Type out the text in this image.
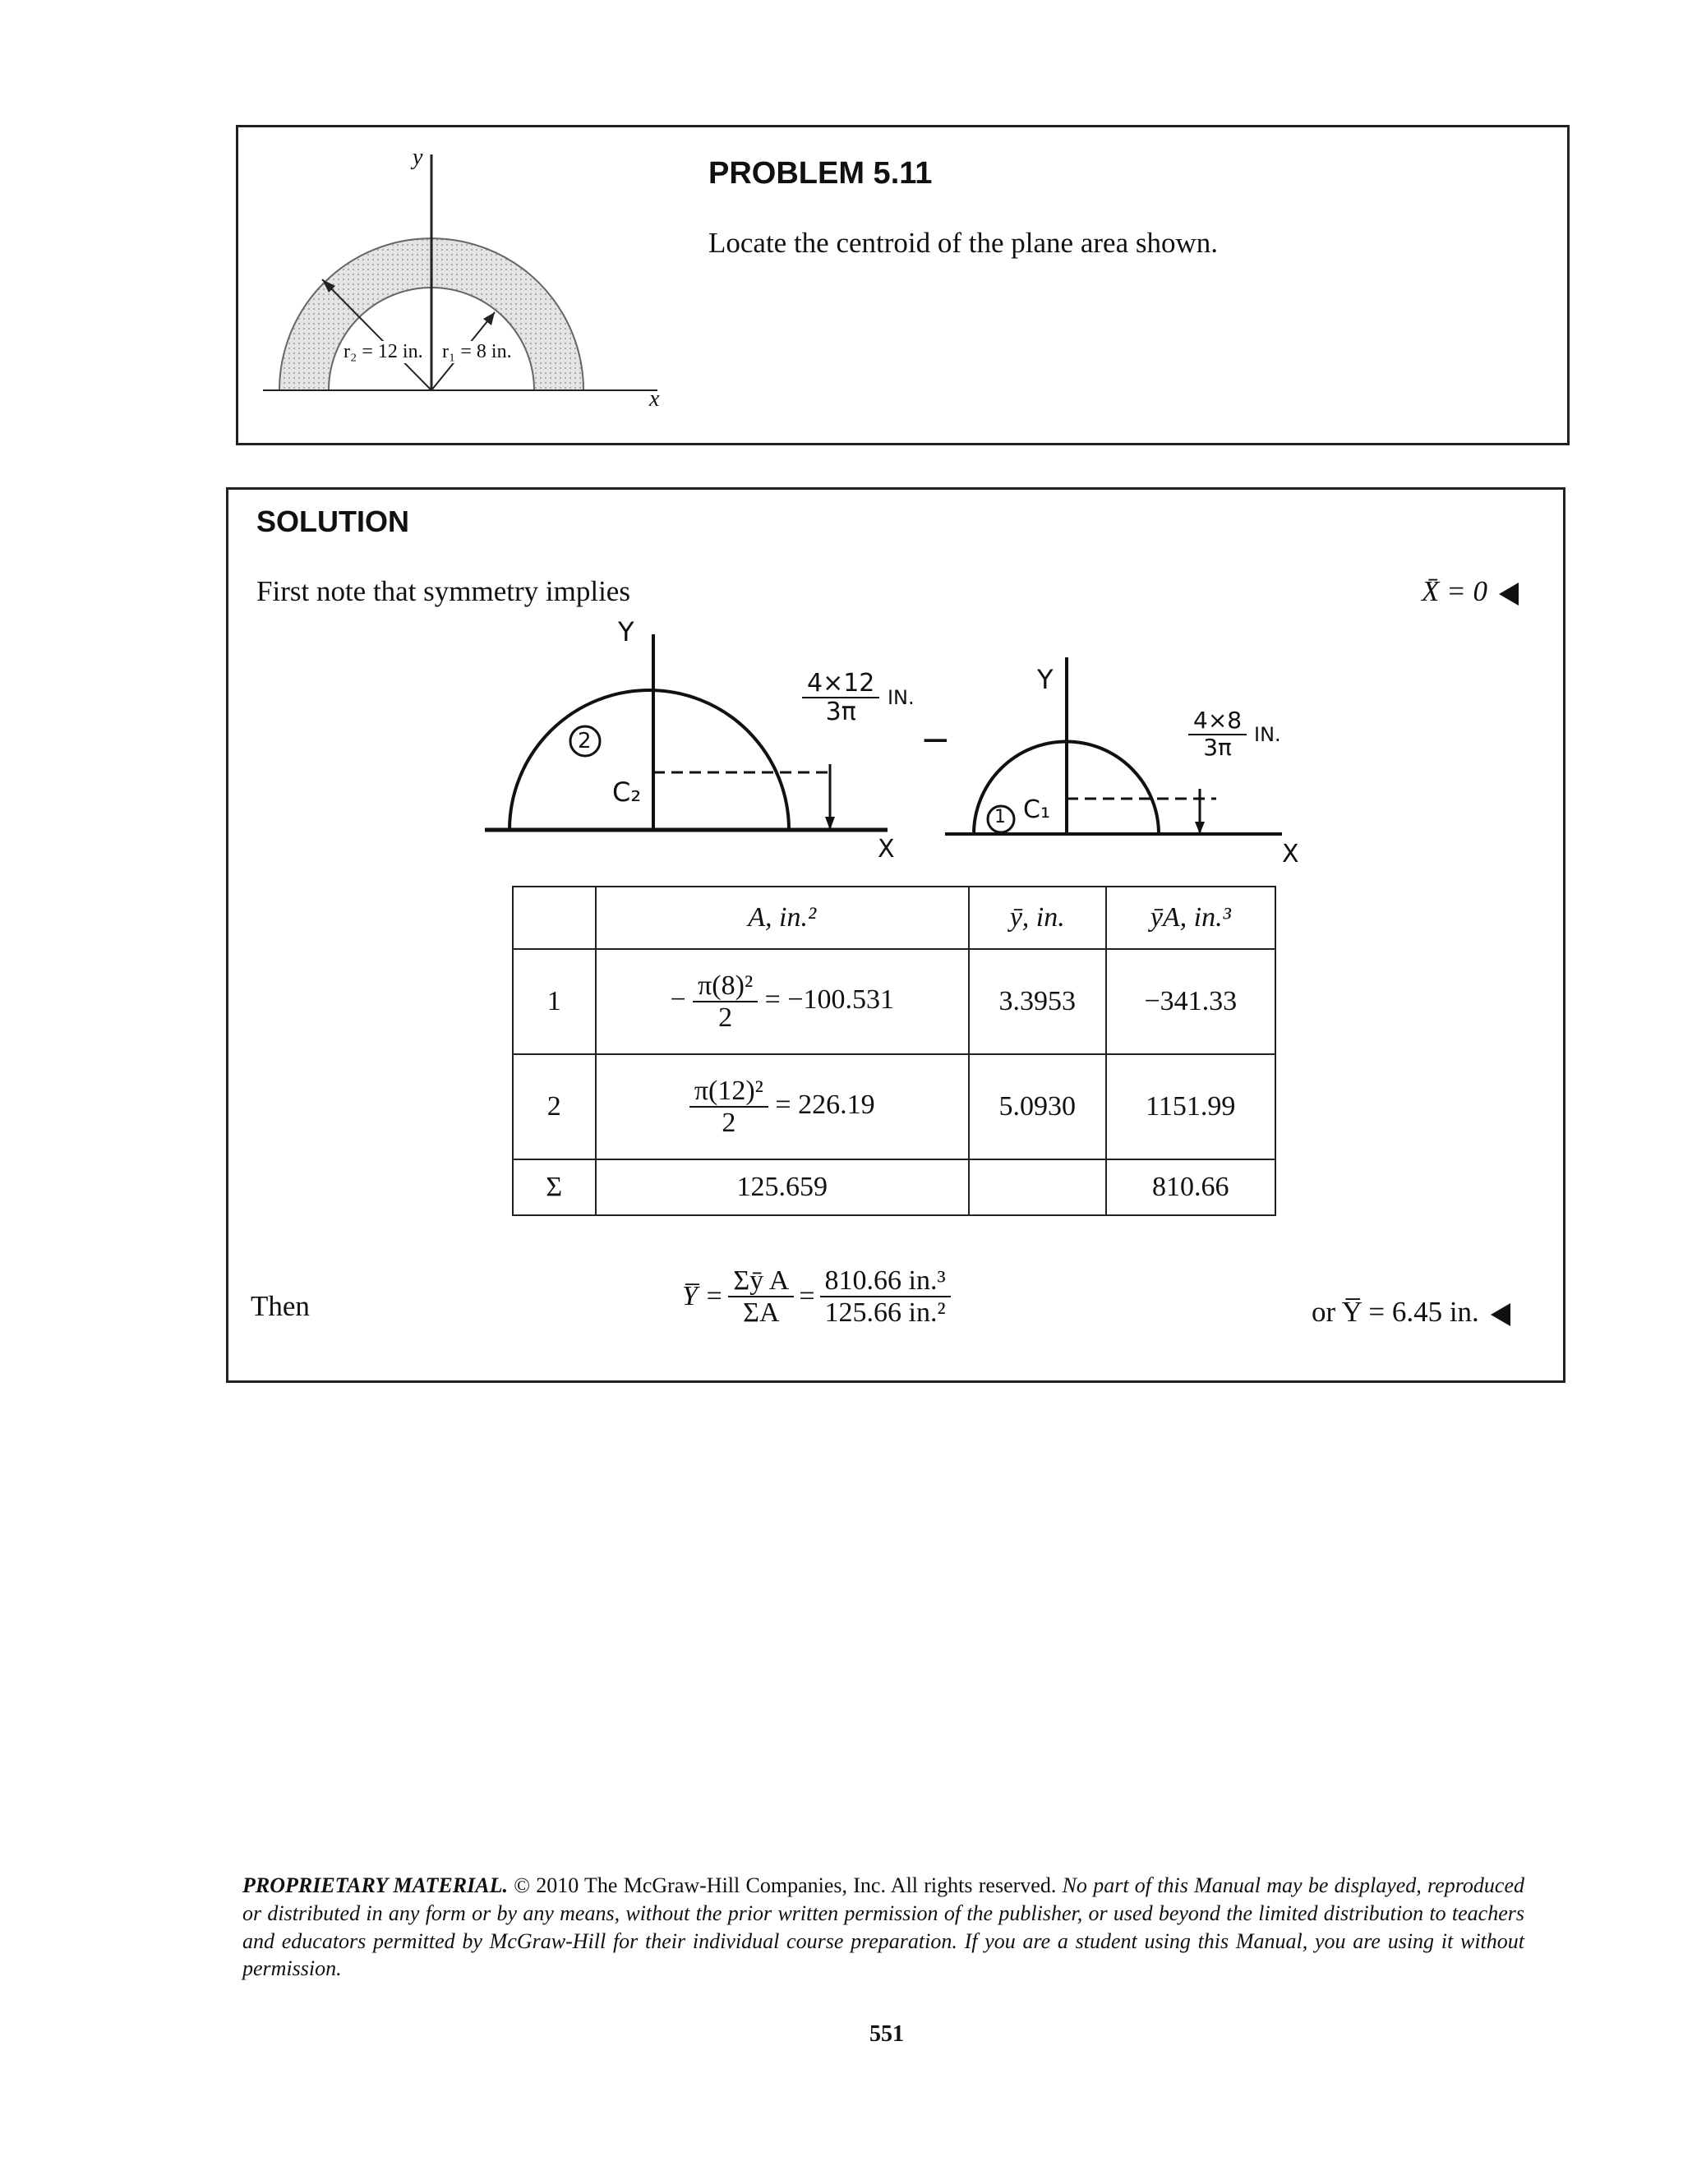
y
x
r₂ = 12 in. r₁ = 8 in.
PROBLEM 5.11
Locate the centroid of the plane area shown.
SOLUTION
First note that symmetry implies	X̄ = 0
Y
2
C₂
$\frac{4\times 12}{3\pi}$ IN.
X
−
Y
1 C₁
$\frac{4\times 8}{3\pi}$ IN.
X
	A, in.²	ȳ, in.	ȳA, in.³
1	− $\frac{\text{π(8)²}}{2} = -100.531$	3.3953	−341.33
2	$\frac{\text{π(12)²}}{2} = 226.19$	5.0930	1151.99
Σ	125.659		810.66
Then	Y̅ = $\frac{\text{Σȳ A}}{\Sigma A} = \frac{\text{810.66 in.³}}{\text{125.66 in.²}}$	or Y̅ = 6.45 in.
PROPRIETARY MATERIAL. © 2010 The McGraw-Hill Companies, Inc. All rights reserved. No part of this Manual may be displayed, reproduced or distributed in any form or by any means, without the prior written permission of the publisher, or used beyond the limited distribution to teachers and educators permitted by McGraw-Hill for their individual course preparation. If you are a student using this Manual, you are using it without permission.
551
